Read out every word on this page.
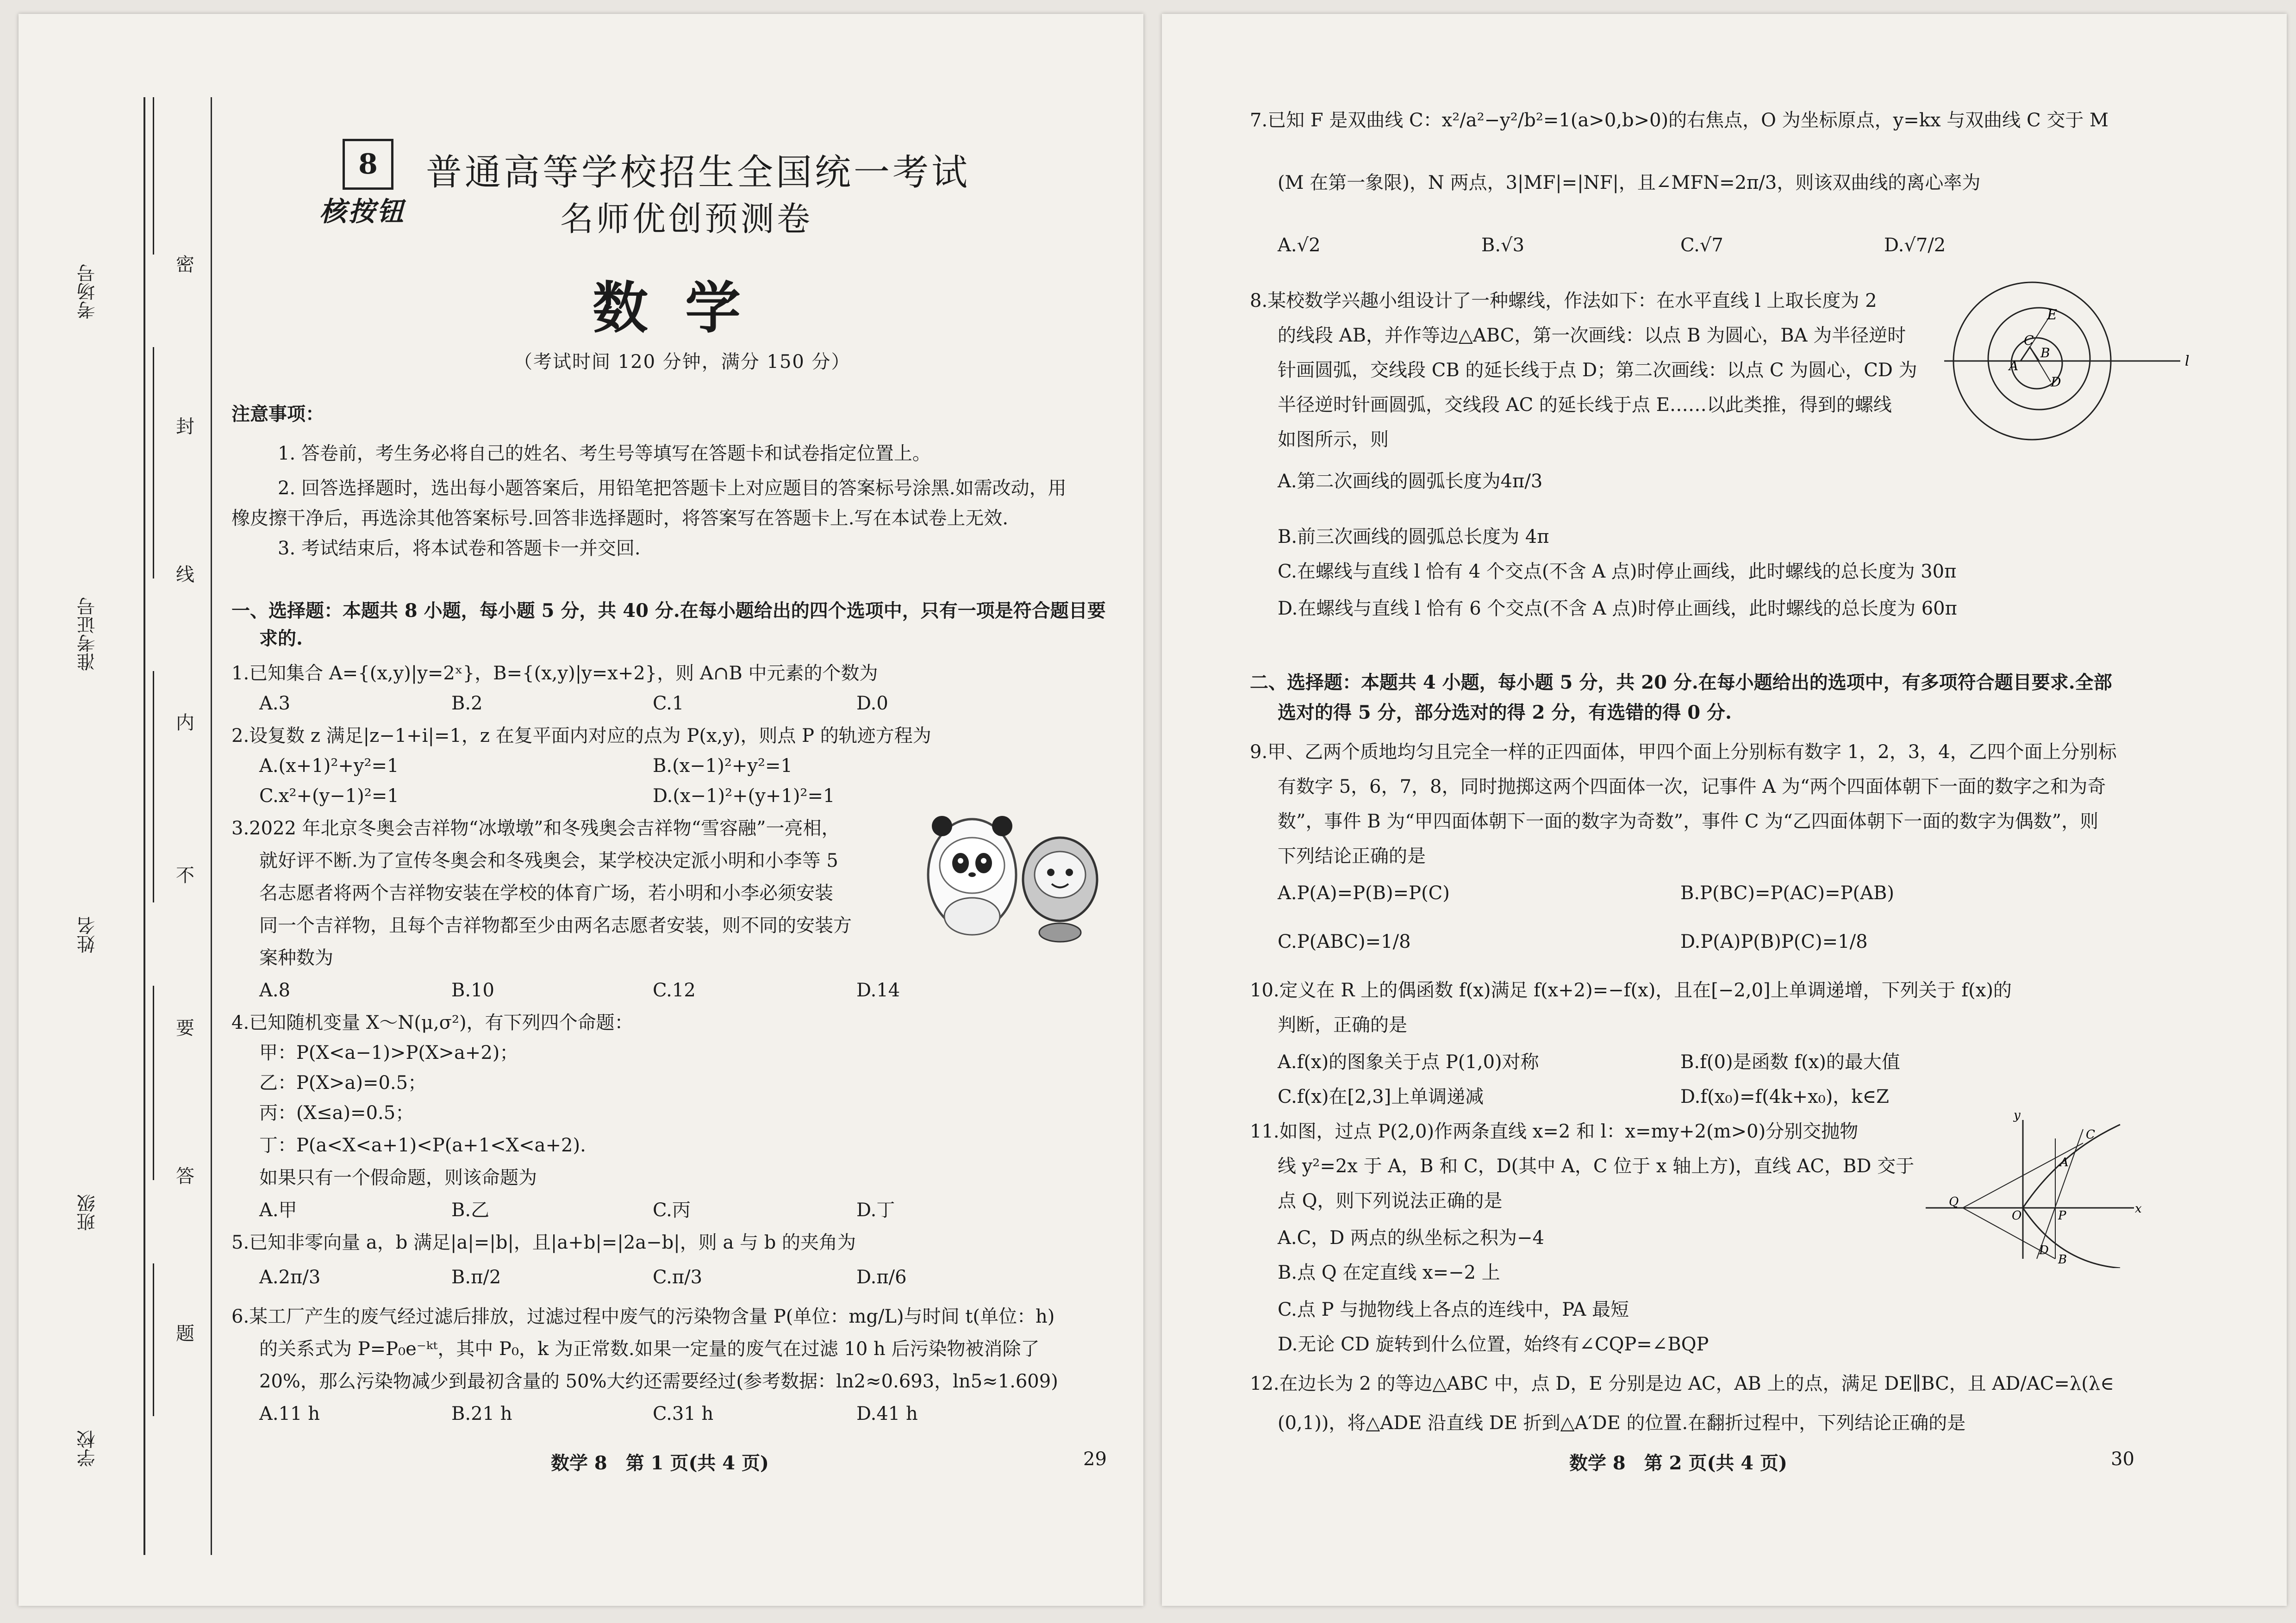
考场号
准考证号
姓名
班级
学校
密
封
线
内
不
要
答
题
8
核按钮
普通高等学校招生全国统一考试
名师优创预测卷
数学
（考试时间 120 分钟，满分 150 分）
注意事项：
1. 答卷前，考生务必将自己的姓名、考生号等填写在答题卡和试卷指定位置上。
2. 回答选择题时，选出每小题答案后，用铅笔把答题卡上对应题目的答案标号涂黑.如需改动，用
橡皮擦干净后，再选涂其他答案标号.回答非选择题时，将答案写在答题卡上.写在本试卷上无效.
3. 考试结束后，将本试卷和答题卡一并交回.
一、选择题：本题共 8 小题，每小题 5 分，共 40 分.在每小题给出的四个选项中，只有一项是符合题目要
求的.
1.已知集合 A={(x,y)|y=2ˣ}，B={(x,y)|y=x+2}，则 A∩B 中元素的个数为
A.3	B.2	C.1	D.0
2.设复数 z 满足|z−1+i|=1，z 在复平面内对应的点为 P(x,y)，则点 P 的轨迹方程为
A.(x+1)²+y²=1	B.(x−1)²+y²=1
C.x²+(y−1)²=1	D.(x−1)²+(y+1)²=1
3.2022 年北京冬奥会吉祥物“冰墩墩”和冬残奥会吉祥物“雪容融”一亮相，
就好评不断.为了宣传冬奥会和冬残奥会，某学校决定派小明和小李等 5
名志愿者将两个吉祥物安装在学校的体育广场，若小明和小李必须安装
同一个吉祥物，且每个吉祥物都至少由两名志愿者安装，则不同的安装方
案种数为
A.8	B.10	C.12	D.14
4.已知随机变量 X～N(μ,σ²)，有下列四个命题：
甲：P(X<a−1)>P(X>a+2)；
乙：P(X>a)=0.5；
丙：(X≤a)=0.5；
丁：P(a<X<a+1)<P(a+1<X<a+2).
如果只有一个假命题，则该命题为
A.甲	B.乙	C.丙	D.丁
5.已知非零向量 a，b 满足|a|=|b|，且|a+b|=|2a−b|，则 a 与 b 的夹角为
A.2π/3	B.π/2	C.π/3	D.π/6
6.某工厂产生的废气经过滤后排放，过滤过程中废气的污染物含量 P(单位：mg/L)与时间 t(单位：h)
的关系式为 P=P₀e⁻ᵏᵗ，其中 P₀，k 为正常数.如果一定量的废气在过滤 10 h 后污染物被消除了
20%，那么污染物减少到最初含量的 50%大约还需要经过(参考数据：ln2≈0.693，ln5≈1.609)
A.11 h	B.21 h	C.31 h	D.41 h
数学 8　第 1 页(共 4 页)	29
7.已知 F 是双曲线 C：x²/a²−y²/b²=1(a>0,b>0)的右焦点，O 为坐标原点，y=kx 与双曲线 C 交于 M
(M 在第一象限)，N 两点，3|MF|=|NF|，且∠MFN=2π/3，则该双曲线的离心率为
A.√2	B.√3	C.√7	D.√7/2
8.某校数学兴趣小组设计了一种螺线，作法如下：在水平直线 l 上取长度为 2
的线段 AB，并作等边△ABC，第一次画线：以点 B 为圆心，BA 为半径逆时
针画圆弧，交线段 CB 的延长线于点 D；第二次画线：以点 C 为圆心，CD 为
半径逆时针画圆弧，交线段 AC 的延长线于点 E……以此类推，得到的螺线
如图所示，则
A.第二次画线的圆弧长度为4π/3
B.前三次画线的圆弧总长度为 4π
C.在螺线与直线 l 恰有 4 个交点(不含 A 点)时停止画线，此时螺线的总长度为 30π
D.在螺线与直线 l 恰有 6 个交点(不含 A 点)时停止画线，此时螺线的总长度为 60π
E
C
A
B
D
l
二、选择题：本题共 4 小题，每小题 5 分，共 20 分.在每小题给出的选项中，有多项符合题目要求.全部
选对的得 5 分，部分选对的得 2 分，有选错的得 0 分.
9.甲、乙两个质地均匀且完全一样的正四面体，甲四个面上分别标有数字 1，2，3，4，乙四个面上分别标
有数字 5，6，7，8，同时抛掷这两个四面体一次，记事件 A 为“两个四面体朝下一面的数字之和为奇
数”，事件 B 为“甲四面体朝下一面的数字为奇数”，事件 C 为“乙四面体朝下一面的数字为偶数”，则
下列结论正确的是
A.P(A)=P(B)=P(C)	B.P(BC)=P(AC)=P(AB)
C.P(ABC)=1/8	D.P(A)P(B)P(C)=1/8
10.定义在 R 上的偶函数 f(x)满足 f(x+2)=−f(x)，且在[−2,0]上单调递增，下列关于 f(x)的
判断，正确的是
A.f(x)的图象关于点 P(1,0)对称	B.f(0)是函数 f(x)的最大值
C.f(x)在[2,3]上单调递减	D.f(x₀)=f(4k+x₀)，k∈Z
11.如图，过点 P(2,0)作两条直线 x=2 和 l：x=my+2(m>0)分别交抛物
线 y²=2x 于 A，B 和 C，D(其中 A，C 位于 x 轴上方)，直线 AC，BD 交于
点 Q，则下列说法正确的是
A.C，D 两点的纵坐标之积为−4
B.点 Q 在定直线 x=−2 上
C.点 P 与抛物线上各点的连线中，PA 最短
D.无论 CD 旋转到什么位置，始终有∠CQP=∠BQP
y
x
O	P
Q
A
B
C
D
12.在边长为 2 的等边△ABC 中，点 D，E 分别是边 AC，AB 上的点，满足 DE∥BC，且 AD/AC=λ(λ∈
(0,1))，将△ADE 沿直线 DE 折到△A′DE 的位置.在翻折过程中，下列结论正确的是
数学 8　第 2 页(共 4 页)	30
